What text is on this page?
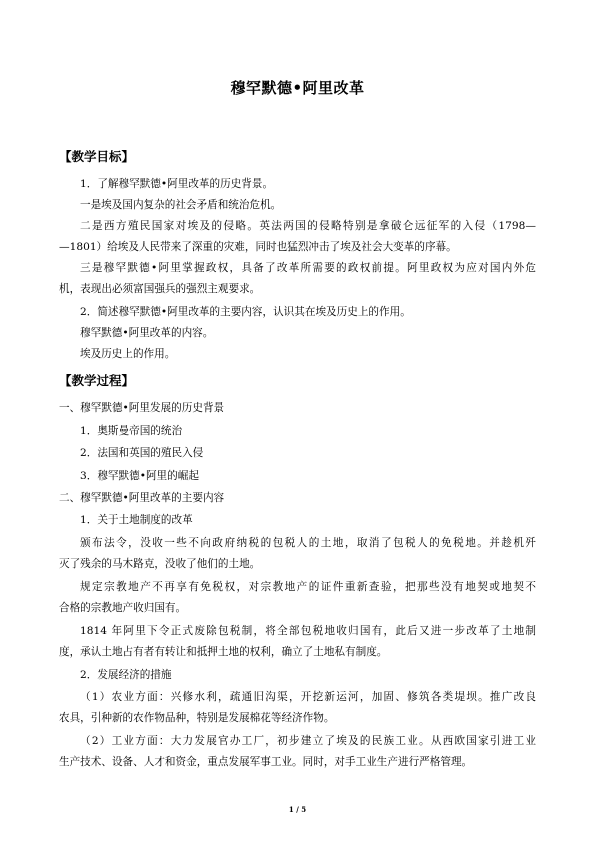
穆罕默德•阿里改革
【教学目标】
1．了解穆罕默德•阿里改革的历史背景。
一是埃及国内复杂的社会矛盾和统治危机。
二是西方殖民国家对埃及的侵略。英法两国的侵略特别是拿破仑远征军的入侵（1798—
—1801）给埃及人民带来了深重的灾难，同时也猛烈冲击了埃及社会大变革的序幕。
三是穆罕默德•阿里掌握政权，具备了改革所需要的政权前提。阿里政权为应对国内外危
机，表现出必须富国强兵的强烈主观要求。
2．简述穆罕默德•阿里改革的主要内容，认识其在埃及历史上的作用。
穆罕默德•阿里改革的内容。
埃及历史上的作用。
【教学过程】
一、穆罕默德•阿里发展的历史背景
1．奥斯曼帝国的统治
2．法国和英国的殖民入侵
3．穆罕默德•阿里的崛起
二、穆罕默德•阿里改革的主要内容
1．关于土地制度的改革
颁布法令，没收一些不向政府纳税的包税人的土地，取消了包税人的免税地。并趁机歼
灭了残余的马木路克，没收了他们的土地。
规定宗教地产不再享有免税权，对宗教地产的证件重新查验，把那些没有地契或地契不
合格的宗教地产收归国有。
1814 年阿里下令正式废除包税制，将全部包税地收归国有，此后又进一步改革了土地制
度，承认土地占有者有转让和抵押土地的权利，确立了土地私有制度。
2．发展经济的措施
（1）农业方面：兴修水利，疏通旧沟渠，开挖新运河，加固、修筑各类堤坝。推广改良
农具，引种新的农作物品种，特别是发展棉花等经济作物。
（2）工业方面：大力发展官办工厂，初步建立了埃及的民族工业。从西欧国家引进工业
生产技术、设备、人才和资金，重点发展军事工业。同时，对手工业生产进行严格管理。
1 / 5
